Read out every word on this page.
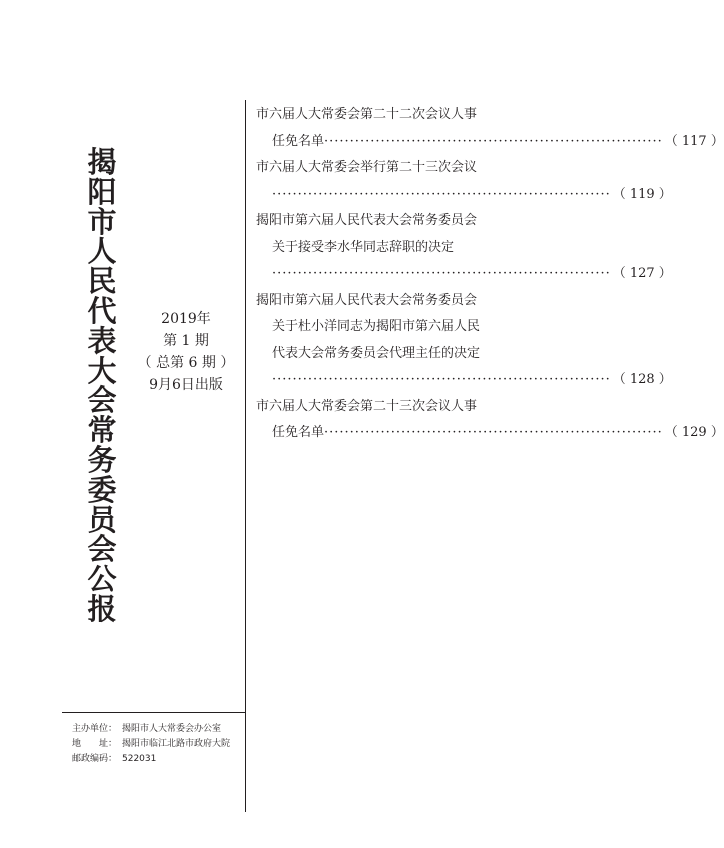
揭
阳
市
人
民
代
表
大
会
常
务
委
员
会
公
报
2019年
第 1 期
（ 总第 6 期 ）
9月6日出版
主办单位： 揭阳市人大常委会办公室
地　　址： 揭阳市临江北路市政府大院
邮政编码： 522031
市六届人大常委会第二十二次会议人事
任免名单 ·································································· （ 117 ）
市六届人大常委会举行第二十三次会议
·································································· （ 119 ）
揭阳市第六届人民代表大会常务委员会
关于接受李水华同志辞职的决定
·································································· （ 127 ）
揭阳市第六届人民代表大会常务委员会
关于杜小洋同志为揭阳市第六届人民
代表大会常务委员会代理主任的决定
·································································· （ 128 ）
市六届人大常委会第二十三次会议人事
任免名单 ·································································· （ 129 ）
